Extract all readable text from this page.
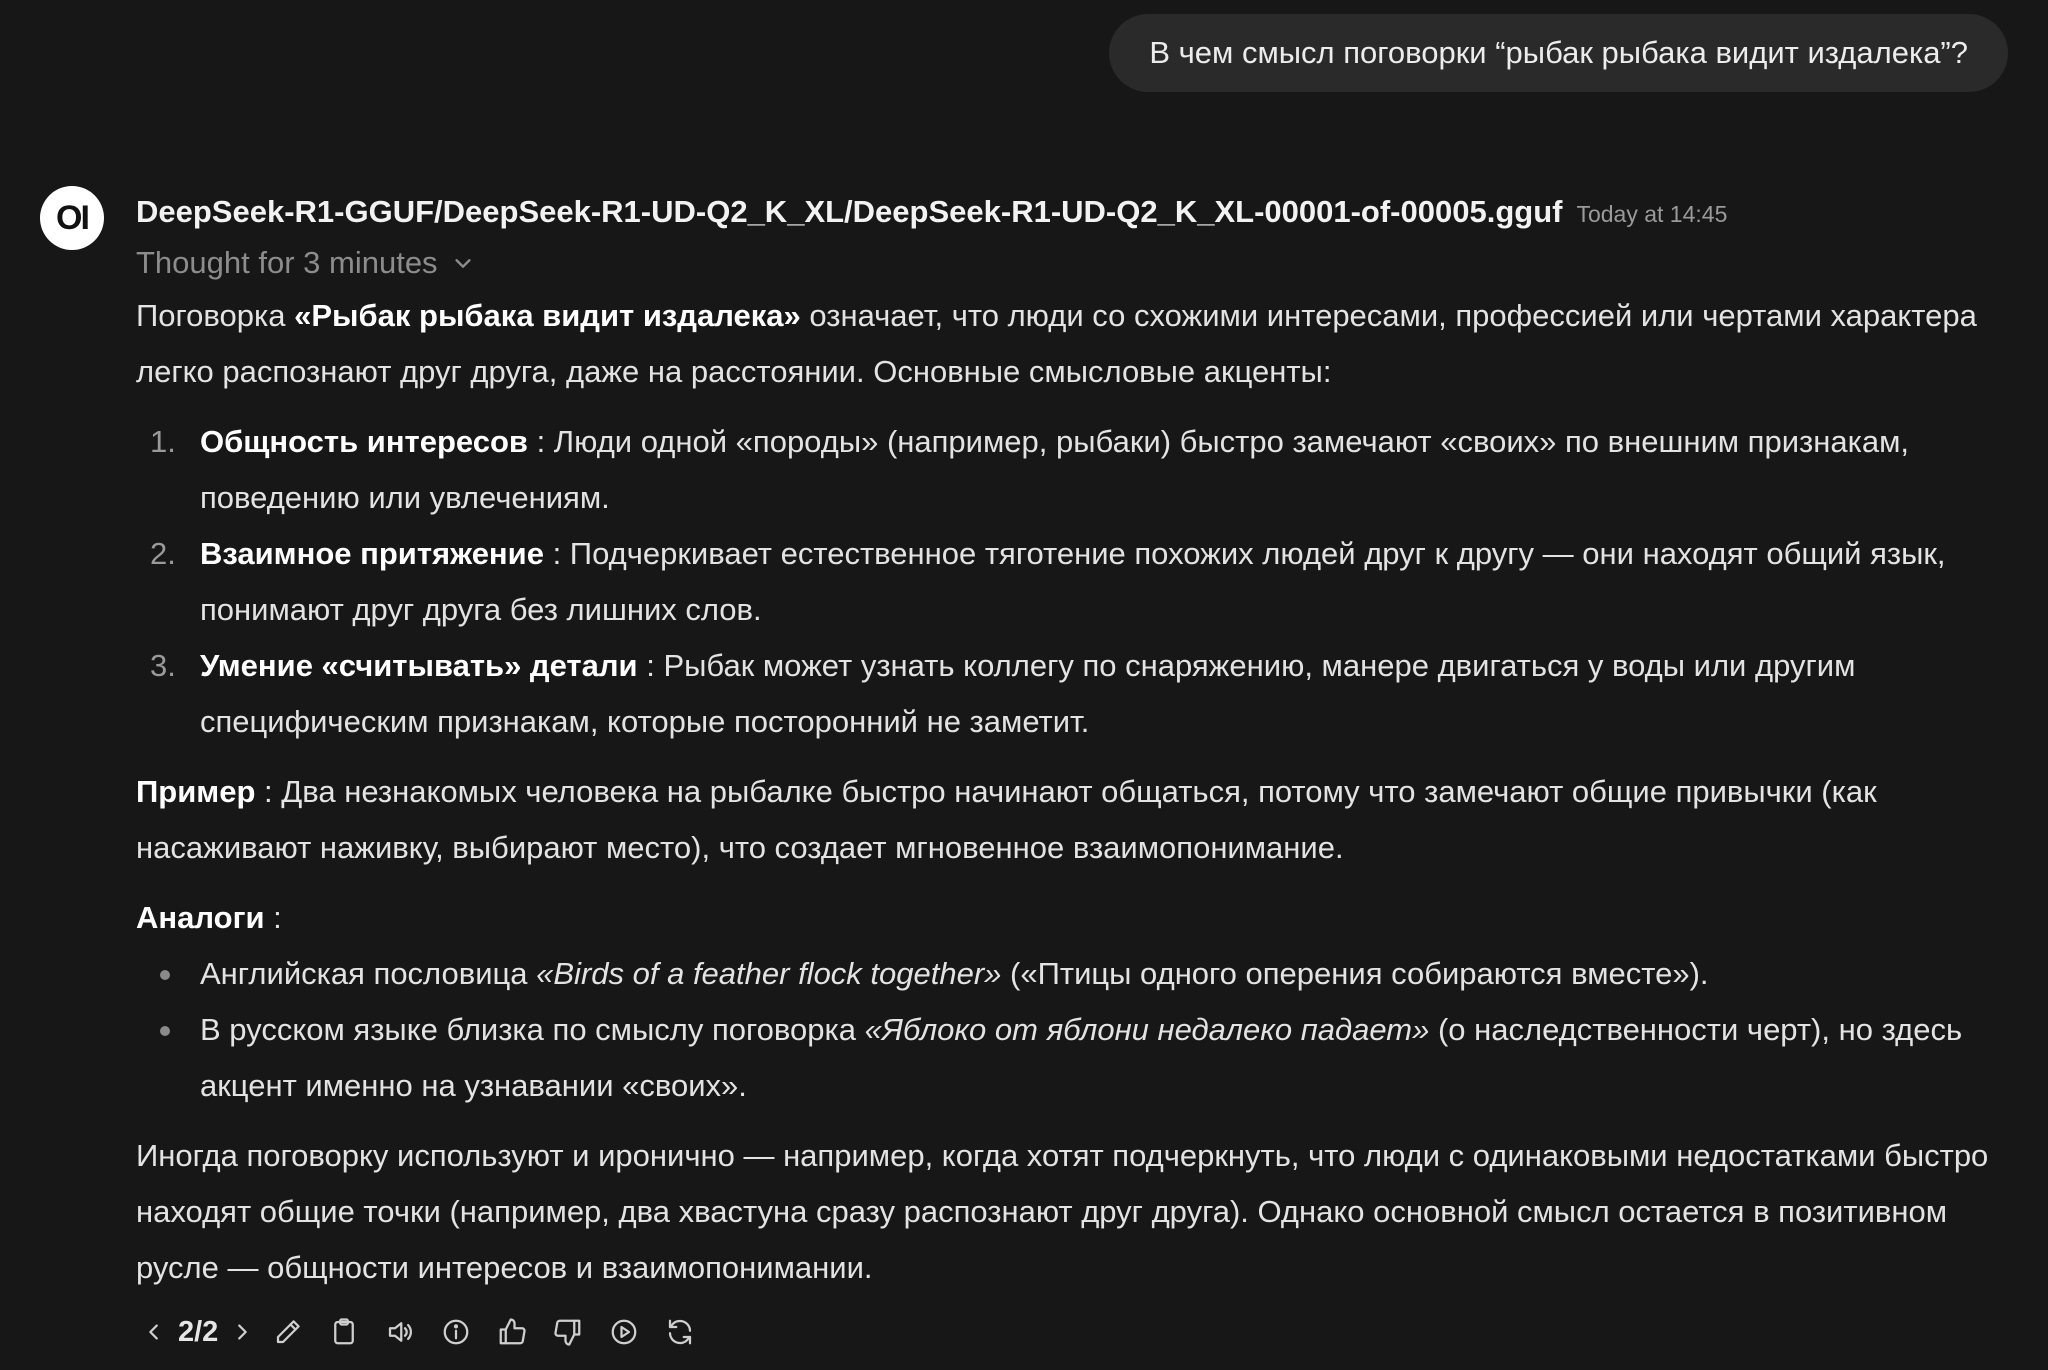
В чем смысл поговорки “рыбак рыбака видит издалека”?
OI DeepSeek-R1-GGUF/DeepSeek-R1-UD-Q2_K_XL/DeepSeek-R1-UD-Q2_K_XL-00001-of-00005.gguf Today at 14:45
Thought for 3 minutes

Поговорка «Рыбак рыбака видит издалека» означает, что люди со схожими интересами, профессией или чертами характера легко распознают друг друга, даже на расстоянии. Основные смысловые акценты:

1. Общность интересов : Люди одной «породы» (например, рыбаки) быстро замечают «своих» по внешним признакам, поведению или увлечениям.
2. Взаимное притяжение : Подчеркивает естественное тяготение похожих людей друг к другу — они находят общий язык, понимают друг друга без лишних слов.
3. Умение «считывать» детали : Рыбак может узнать коллегу по снаряжению, манере двигаться у воды или другим специфическим признакам, которые посторонний не заметит.

Пример : Два незнакомых человека на рыбалке быстро начинают общаться, потому что замечают общие привычки (как насаживают наживку, выбирают место), что создает мгновенное взаимопонимание.

Аналоги :

Английская пословица «Birds of a feather flock together» («Птицы одного оперения собираются вместе»).
В русском языке близка по смыслу поговорка «Яблоко от яблони недалеко падает» (о наследственности черт), но здесь акцент именно на узнавании «своих».

Иногда поговорку используют и иронично — например, когда хотят подчеркнуть, что люди с одинаковыми недостатками быстро находят общие точки (например, два хвастуна сразу распознают друг друга). Однако основной смысл остается в позитивном русле — общности интересов и взаимопонимании.

2/2
